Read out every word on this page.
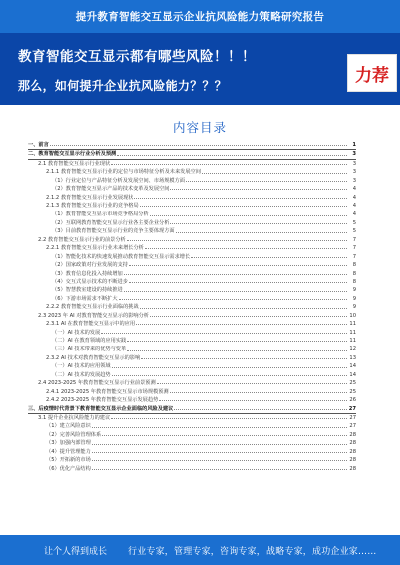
提升教育智能交互显示企业抗风险能力策略研究报告
教育智能交互显示都有哪些风险！！！
那么，如何提升企业抗风险能力？？？
力荐
内容目录
一、前言	1
二、教育智能交互显示行业分析及预测	3
2.1 教育智能交互显示行业现状	3
2.1.1 教育智能交互显示行业的定位与市场特征分析及未来发展空间	3
（1）行业定位与产品特征分析及发展空间、市场规模方面	3
（2）教育智能交互显示产品的技术变革及发展空间	4
2.1.2 教育智能交互显示行业发展现状	4
2.1.3 教育智能交互显示行业的竞争格局	4
（1）教育智能交互显示市场竞争格局分析	4
（2）互联网教育智能交互显示行业各主要企业分析	5
（3）目前教育智能交互显示行业的竞争主要体现方面	5
2.2 教育智能交互显示行业的前景分析	7
2.2.1 教育智能交互显示行业未来增长分析	7
（1）智能化技术的快速发展推动教育智能交互显示需求增长	7
（2）国家政策对行业发展的支持	8
（3）教育信息化投入持续增加	8
（4）交互式显示技术的不断进步	8
（5）智慧教室建设的持续推进	9
（6）下游市场需求不断扩大	9
2.2.2 教育智能交互显示行业面临的挑战	9
2.3 2023 年 AI 对教育智能交互显示的影响分析	10
2.3.1 AI 在教育智能交互显示中的应用	11
（一）AI 技术的发展	11
（二）AI 在教育领域的应用实践	11
（三）AI 技术带来的优势与变革	12
2.3.2 AI 技术对教育智能交互显示的影响	13
（一）AI 技术的应用领域	14
（二）AI 技术的发展趋势	14
2.4 2023-2025 年教育智能交互显示行业前景预测	25
2.4.1 2023-2025 年教育智能交互显示市场规模预测	25
2.4.2 2023-2025 年教育智能交互显示发展趋势	26
三、后疫情时代背景下教育智能交互显示企业面临的风险及建议	27
3.1 提升企业抗风险能力的建议	27
（1）建立风险意识	27
（2）完善风险管理体系	28
（3）加强内部管理	28
（4）提升管理能力	28
（5）开拓新的市场	28
（6）优化产品结构	28
让个人得到成长	行业专家，管理专家，咨询专家，战略专家，成功企业家……
